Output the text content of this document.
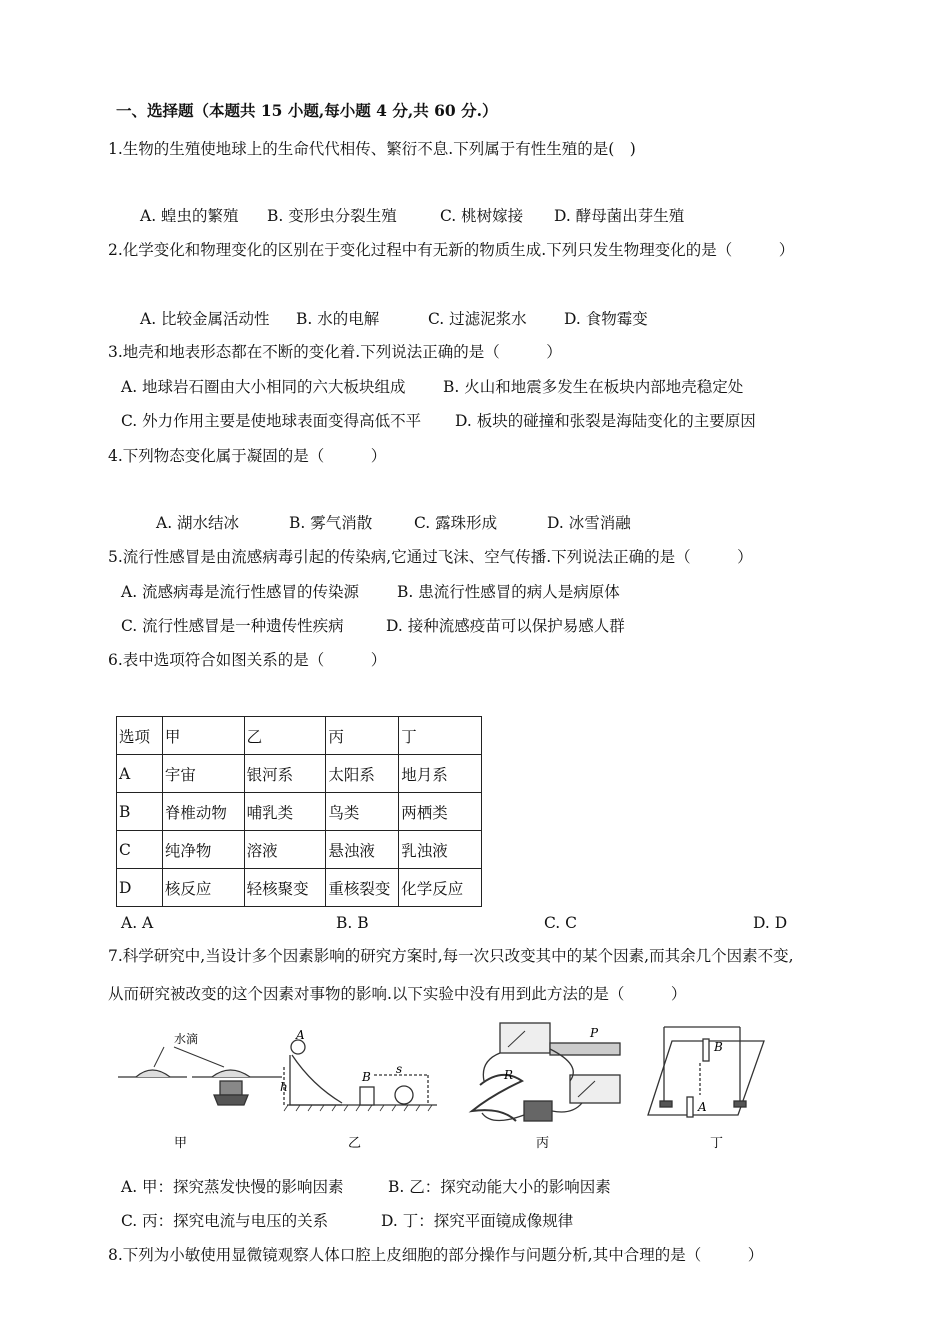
一、选择题（本题共 15 小题,每小题 4 分,共 60 分.）
1.生物的生殖使地球上的生命代代相传、繁衍不息.下列属于有性生殖的是(　)
A. 蝗虫的繁殖 B. 变形虫分裂生殖	C. 桃树嫁接 D. 酵母菌出芽生殖
2.化学变化和物理变化的区别在于变化过程中有无新的物质生成.下列只发生物理变化的是（　　　）
A. 比较金属活动性 B. 水的电解	C. 过滤泥浆水 D. 食物霉变
3.地壳和地表形态都在不断的变化着.下列说法正确的是（　　　）
A. 地球岩石圈由大小相同的六大板块组成 B. 火山和地震多发生在板块内部地壳稳定处
C. 外力作用主要是使地球表面变得高低不平 D. 板块的碰撞和张裂是海陆变化的主要原因
4.下列物态变化属于凝固的是（　　　）
A. 湖水结冰	B. 雾气消散	C. 露珠形成	D. 冰雪消融
5.流行性感冒是由流感病毒引起的传染病,它通过飞沫、空气传播.下列说法正确的是（　　　）
A. 流感病毒是流行性感冒的传染源 B. 患流行性感冒的病人是病原体
C. 流行性感冒是一种遗传性疾病	D. 接种流感疫苗可以保护易感人群
6.表中选项符合如图关系的是（　　　）
选项	甲	乙	丙	丁
A	宇宙	银河系	太阳系	地月系
B	脊椎动物	哺乳类	鸟类	两栖类
C	纯净物	溶液	悬浊液	乳浊液
D	核反应	轻核聚变	重核裂变	化学反应
A. A	B. B	C. C	D. D
7.科学研究中,当设计多个因素影响的研究方案时,每一次只改变其中的某个因素,而其余几个因素不变,
从而研究被改变的这个因素对事物的影响.以下实验中没有用到此方法的是（　　　）
水滴
甲
A
h
B
s
乙
P
R
丙
B
A
丁
A. 甲：探究蒸发快慢的影响因素	B. 乙：探究动能大小的影响因素
C. 丙：探究电流与电压的关系	D. 丁：探究平面镜成像规律
8.下列为小敏使用显微镜观察人体口腔上皮细胞的部分操作与问题分析,其中合理的是（　　　）
